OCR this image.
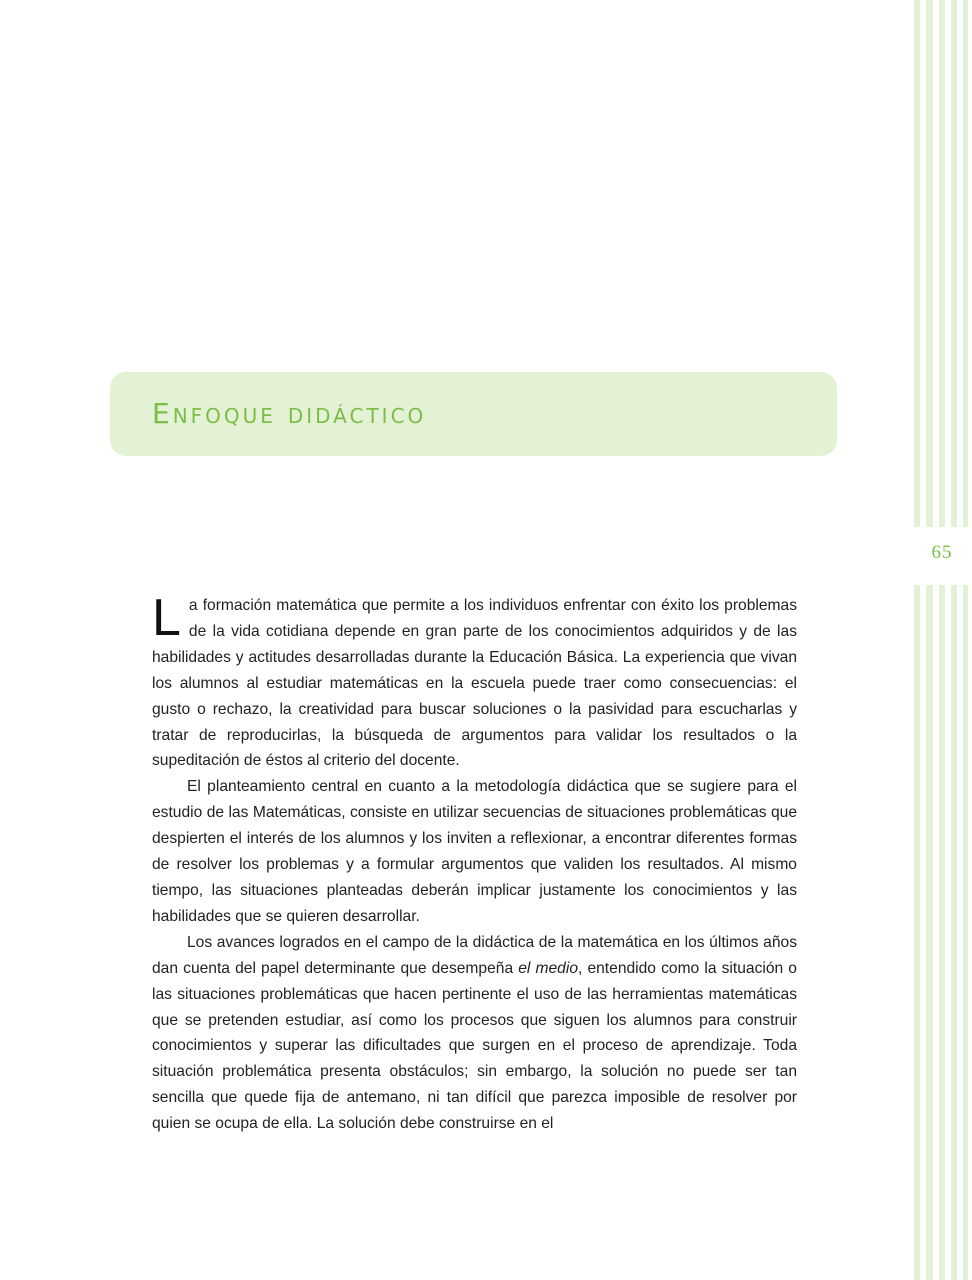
65
Enfoque didáctico

La formación matemática que permite a los individuos enfrentar con éxito los problemas de la vida cotidiana depende en gran parte de los conocimientos adquiridos y de las habilidades y actitudes desarrolladas durante la Educación Básica. La experiencia que vivan los alumnos al estudiar matemáticas en la escuela puede traer como consecuencias: el gusto o rechazo, la creatividad para buscar soluciones o la pasividad para escucharlas y tratar de reproducirlas, la búsqueda de argumentos para validar los resultados o la supeditación de éstos al criterio del docente.

El planteamiento central en cuanto a la metodología didáctica que se sugiere para el estudio de las Matemáticas, consiste en utilizar secuencias de situaciones problemáticas que despierten el interés de los alumnos y los inviten a reflexionar, a encontrar diferentes formas de resolver los problemas y a formular argumentos que validen los resultados. Al mismo tiempo, las situaciones planteadas deberán implicar justamente los conocimientos y las habilidades que se quieren desarrollar.

Los avances logrados en el campo de la didáctica de la matemática en los últimos años dan cuenta del papel determinante que desempeña el medio, entendido como la situación o las situaciones problemáticas que hacen pertinente el uso de las herramientas matemáticas que se pretenden estudiar, así como los procesos que siguen los alumnos para construir conocimientos y superar las dificultades que surgen en el proceso de aprendizaje. Toda situación problemática presenta obstáculos; sin embargo, la solución no puede ser tan sencilla que quede fija de antemano, ni tan difícil que parezca imposible de resolver por quien se ocupa de ella. La solución debe construirse en el
